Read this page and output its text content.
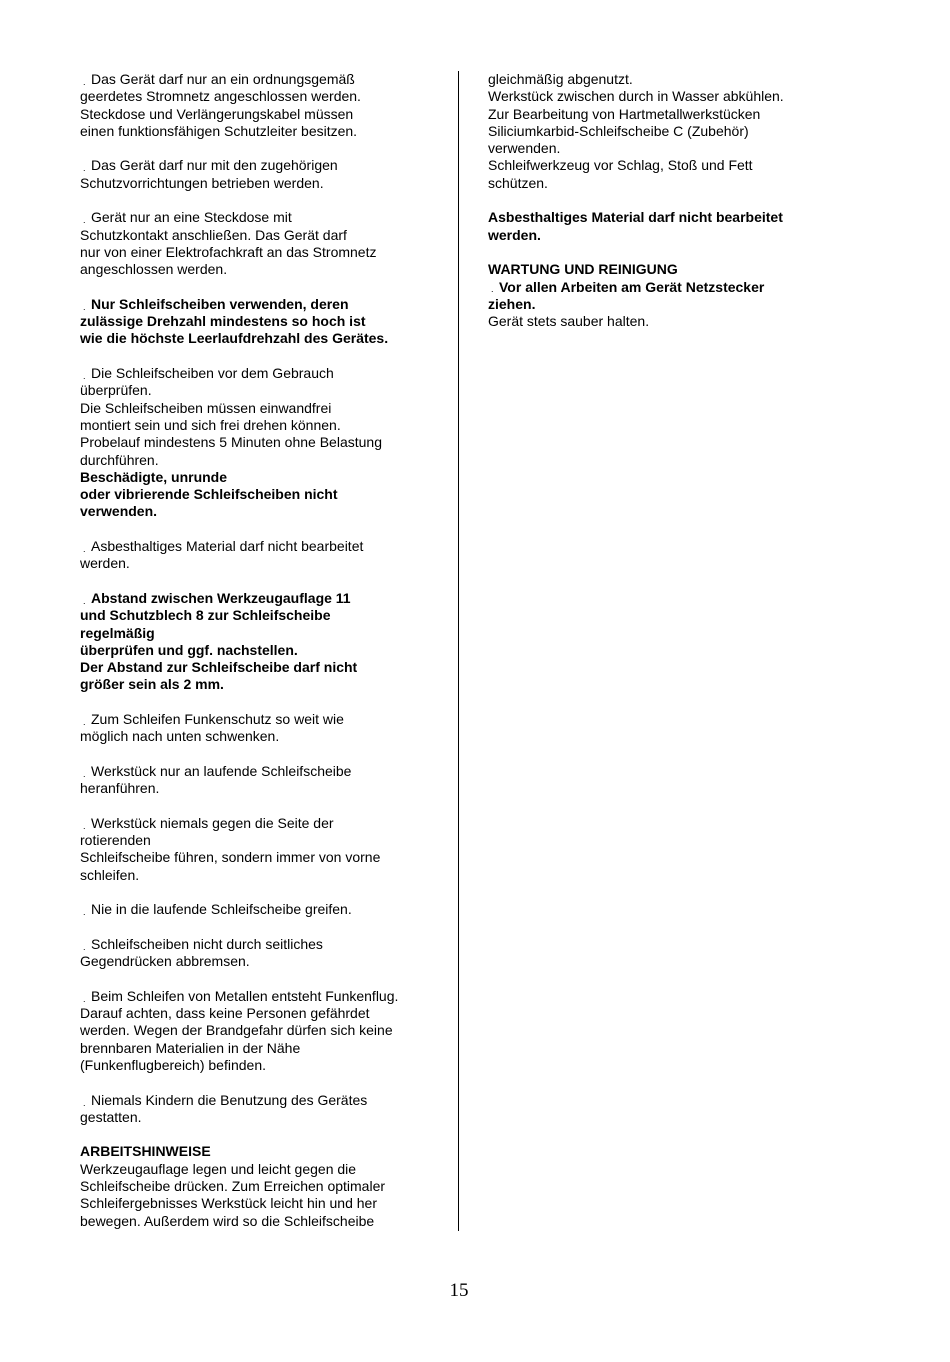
. Das Gerät darf nur an ein ordnungsgemäß
geerdetes Stromnetz angeschlossen werden.
Steckdose und Verlängerungskabel müssen
einen funktionsfähigen Schutzleiter besitzen.
. Das Gerät darf nur mit den zugehörigen
Schutzvorrichtungen betrieben werden.
. Gerät nur an eine Steckdose mit
Schutzkontakt anschließen. Das Gerät darf
nur von einer Elektrofachkraft an das Stromnetz
angeschlossen werden.
. Nur Schleifscheiben verwenden, deren
zulässige Drehzahl mindestens so hoch ist
wie die höchste Leerlaufdrehzahl des Gerätes.
. Die Schleifscheiben vor dem Gebrauch
überprüfen.
Die Schleifscheiben müssen einwandfrei
montiert sein und sich frei drehen können.
Probelauf mindestens 5 Minuten ohne Belastung
durchführen.
Beschädigte, unrunde
oder vibrierende Schleifscheiben nicht
verwenden.
. Asbesthaltiges Material darf nicht bearbeitet
werden.
. Abstand zwischen Werkzeugauflage 11
und Schutzblech 8 zur Schleifscheibe
regelmäßig
überprüfen und ggf. nachstellen.
Der Abstand zur Schleifscheibe darf nicht
größer sein als 2 mm.
. Zum Schleifen Funkenschutz so weit wie
möglich nach unten schwenken.
. Werkstück nur an laufende Schleifscheibe
heranführen.
. Werkstück niemals gegen die Seite der
rotierenden
Schleifscheibe führen, sondern immer von vorne
schleifen.
. Nie in die laufende Schleifscheibe greifen.
. Schleifscheiben nicht durch seitliches
Gegendrücken abbremsen.
. Beim Schleifen von Metallen entsteht Funkenflug.
Darauf achten, dass keine Personen gefährdet
werden. Wegen der Brandgefahr dürfen sich keine
brennbaren Materialien in der Nähe
(Funkenflugbereich) befinden.
. Niemals Kindern die Benutzung des Gerätes
gestatten.
ARBEITSHINWEISE
Werkzeugauflage legen und leicht gegen die
Schleifscheibe drücken. Zum Erreichen optimaler
Schleifergebnisses Werkstück leicht hin und her
bewegen. Außerdem wird so die Schleifscheibe
gleichmäßig abgenutzt.
Werkstück zwischen durch in Wasser abkühlen.
Zur Bearbeitung von Hartmetallwerkstücken
Siliciumkarbid-Schleifscheibe C (Zubehör)
verwenden.
Schleifwerkzeug vor Schlag, Stoß und Fett
schützen.
Asbesthaltiges Material darf nicht bearbeitet
werden.
WARTUNG UND REINIGUNG
Vor allen Arbeiten am Gerät Netzstecker
ziehen.
Gerät stets sauber halten.
.
15
